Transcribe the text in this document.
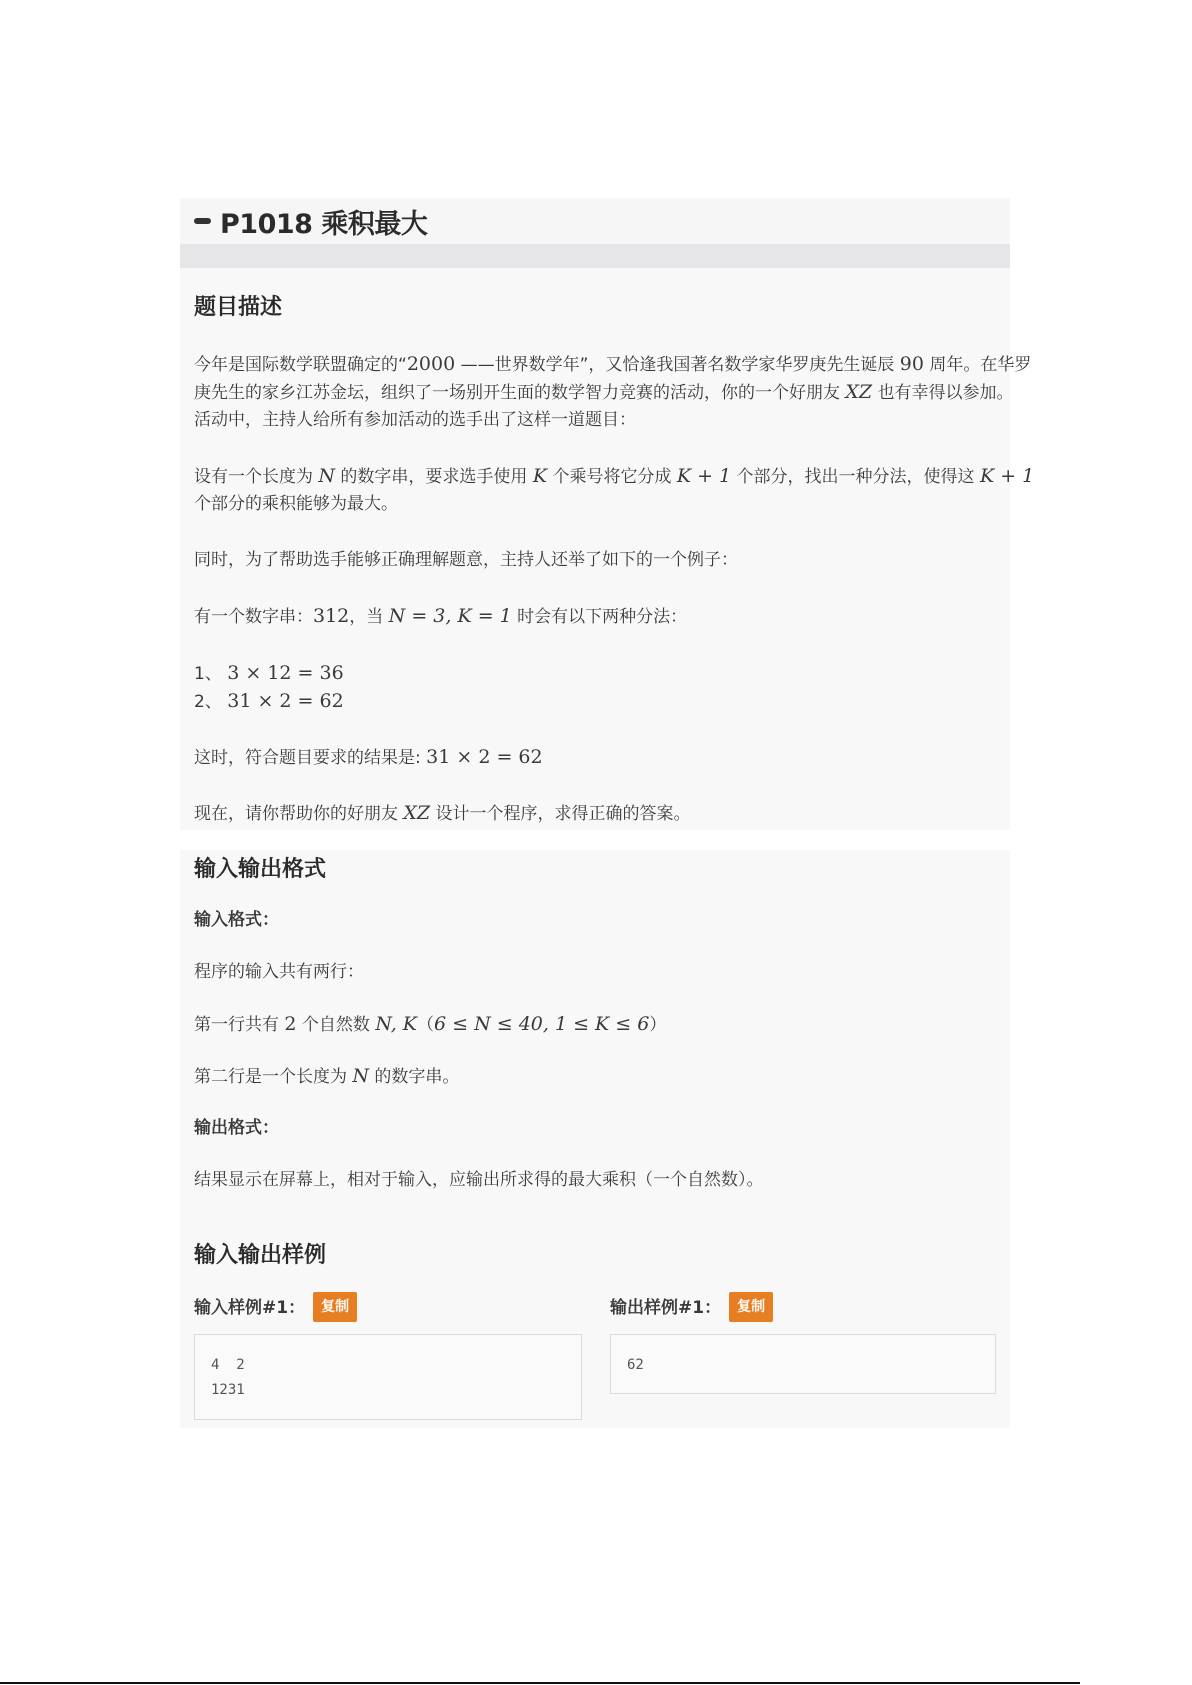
P1018 乘积最大
题目描述
今年是国际数学联盟确定的“2000 ——世界数学年”，又恰逢我国著名数学家华罗庚先生诞辰 90 周年。在华罗
庚先生的家乡江苏金坛，组织了一场别开生面的数学智力竞赛的活动，你的一个好朋友 XZ 也有幸得以参加。
活动中，主持人给所有参加活动的选手出了这样一道题目：
设有一个长度为 N 的数字串，要求选手使用 K 个乘号将它分成 K + 1 个部分，找出一种分法，使得这 K + 1
个部分的乘积能够为最大。
同时，为了帮助选手能够正确理解题意，主持人还举了如下的一个例子：
有一个数字串：312，当 N = 3, K = 1 时会有以下两种分法：
1、 3 × 12 = 36
2、 31 × 2 = 62
这时，符合题目要求的结果是: 31 × 2 = 62
现在，请你帮助你的好朋友 XZ 设计一个程序，求得正确的答案。
输入输出格式
输入格式：
程序的输入共有两行：
第一行共有 2 个自然数 N, K（6 ≤ N ≤ 40, 1 ≤ K ≤ 6）
第二行是一个长度为 N 的数字串。
输出格式：
结果显示在屏幕上，相对于输入，应输出所求得的最大乘积（一个自然数）。
输入输出样例
输入样例#1： 复制	输出样例#1： 复制
4  2
1231
62
